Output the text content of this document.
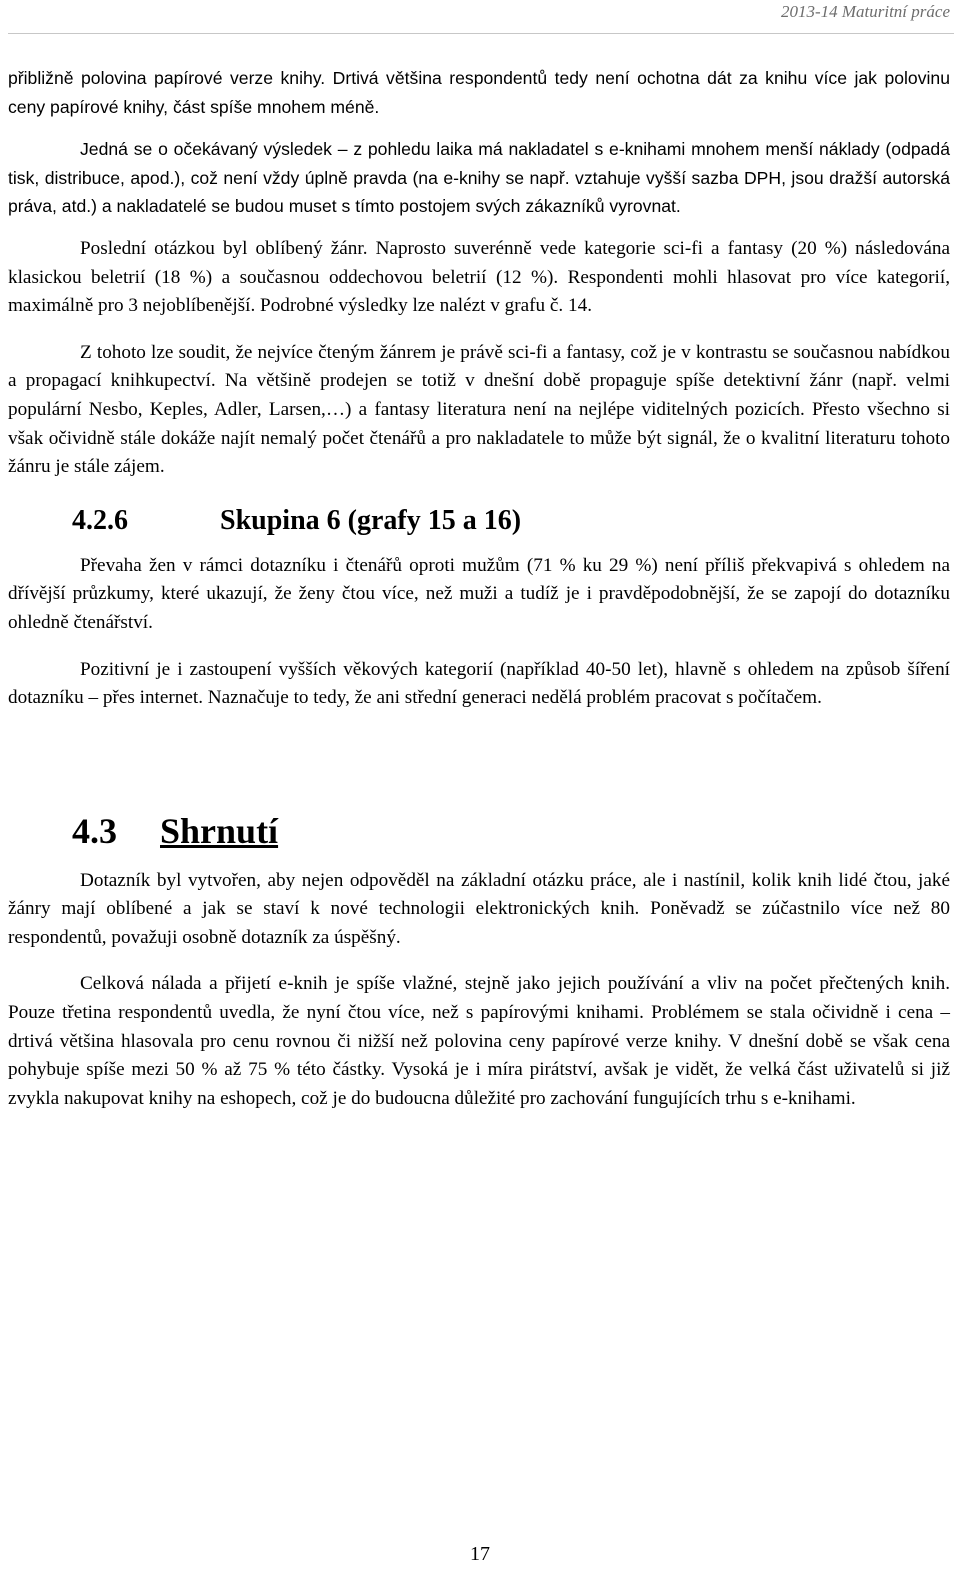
2013-14 Maturitní práce

přibližně polovina papírové verze knihy. Drtivá většina respondentů tedy není ochotna dát za knihu více jak polovinu ceny papírové knihy, část spíše mnohem méně.

Jedná se o očekávaný výsledek – z pohledu laika má nakladatel s e-knihami mnohem menší náklady (odpadá tisk, distribuce, apod.), což není vždy úplně pravda (na e-knihy se např. vztahuje vyšší sazba DPH, jsou dražší autorská práva, atd.) a nakladatelé se budou muset s tímto postojem svých zákazníků vyrovnat.

Poslední otázkou byl oblíbený žánr. Naprosto suverénně vede kategorie sci-fi a fantasy (20 %) následována klasickou beletrií (18 %) a současnou oddechovou beletrií (12 %). Respondenti mohli hlasovat pro více kategorií, maximálně pro 3 nejoblíbenější. Podrobné výsledky lze nalézt v grafu č. 14.

Z tohoto lze soudit, že nejvíce čteným žánrem je právě sci-fi a fantasy, což je v kontrastu se současnou nabídkou a propagací knihkupectví. Na většině prodejen se totiž v dnešní době propaguje spíše detektivní žánr (např. velmi populární Nesbo, Keples, Adler, Larsen,…) a fantasy literatura není na nejlépe viditelných pozicích. Přesto všechno si však očividně stále dokáže najít nemalý počet čtenářů a pro nakladatele to může být signál, že o kvalitní literaturu tohoto žánru je stále zájem.

4.2.6	Skupina 6 (grafy 15 a 16)

Převaha žen v rámci dotazníku i čtenářů oproti mužům (71 % ku 29 %) není příliš překvapivá s ohledem na dřívější průzkumy, které ukazují, že ženy čtou více, než muži a tudíž je i pravděpodobnější, že se zapojí do dotazníku ohledně čtenářství.

Pozitivní je i zastoupení vyšších věkových kategorií (například 40-50 let), hlavně s ohledem na způsob šíření dotazníku – přes internet. Naznačuje to tedy, že ani střední generaci nedělá problém pracovat s počítačem.

4.3 Shrnutí

Dotazník byl vytvořen, aby nejen odpověděl na základní otázku práce, ale i nastínil, kolik knih lidé čtou, jaké žánry mají oblíbené a jak se staví k nové technologii elektronických knih. Poněvadž se zúčastnilo více než 80 respondentů, považuji osobně dotazník za úspěšný.

Celková nálada a přijetí e-knih je spíše vlažné, stejně jako jejich používání a vliv na počet přečtených knih. Pouze třetina respondentů uvedla, že nyní čtou více, než s papírovými knihami. Problémem se stala očividně i cena – drtivá většina hlasovala pro cenu rovnou či nižší než polovina ceny papírové verze knihy. V dnešní době se však cena pohybuje spíše mezi 50 % až 75 % této částky. Vysoká je i míra pirátství, avšak je vidět, že velká část uživatelů si již zvykla nakupovat knihy na eshopech, což je do budoucna důležité pro zachování fungujících trhu s e-knihami.

17
